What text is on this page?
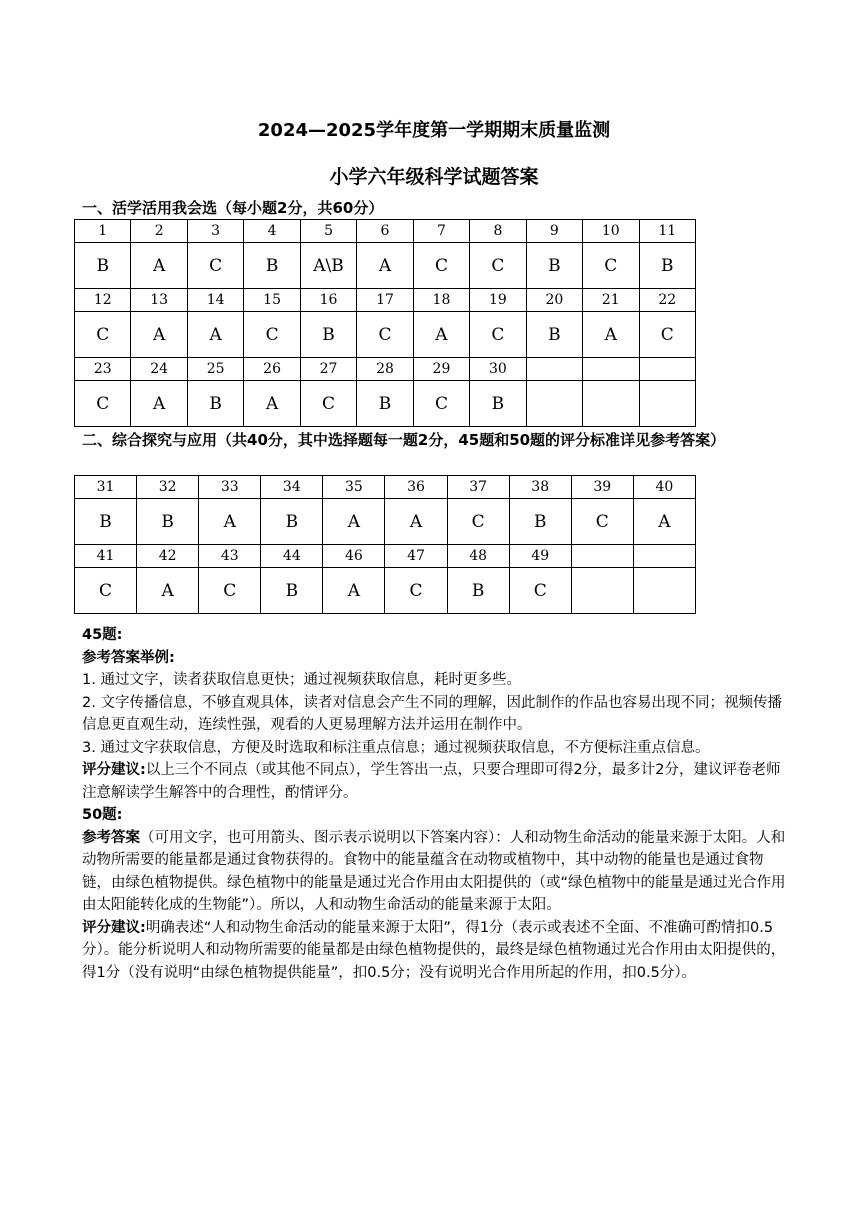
2024—2025学年度第一学期期末质量监测
小学六年级科学试题答案
一、活学活用我会选（每小题2分，共60分）
1	2	3	4	5	6	7	8	9	10	11
B	A	C	B	A\B	A	C	C	B	C	B
12	13	14	15	16	17	18	19	20	21	22
C	A	A	C	B	C	A	C	B	A	C
23	24	25	26	27	28	29	30			
C	A	B	A	C	B	C	B			
二、综合探究与应用（共40分，其中选择题每一题2分，45题和50题的评分标准详见参考答案）
31	32	33	34	35	36	37	38	39	40
B	B	A	B	A	A	C	B	C	A
41	42	43	44	46	47	48	49		
C	A	C	B	A	C	B	C		

45题:

参考答案举例:

1. 通过文字，读者获取信息更快；通过视频获取信息，耗时更多些。

2. 文字传播信息，不够直观具体，读者对信息会产生不同的理解，因此制作的作品也容易出现不同；视频传播信息更直观生动，连续性强，观看的人更易理解方法并运用在制作中。

3. 通过文字获取信息，方便及时选取和标注重点信息；通过视频获取信息，不方便标注重点信息。

评分建议:以上三个不同点（或其他不同点），学生答出一点，只要合理即可得2分，最多计2分，建议评卷老师注意解读学生解答中的合理性，酌情评分。

50题:

参考答案（可用文字，也可用箭头、图示表示说明以下答案内容）：人和动物生命活动的能量来源于太阳。人和动物所需要的能量都是通过食物获得的。食物中的能量蕴含在动物或植物中，其中动物的能量也是通过食物链，由绿色植物提供。绿色植物中的能量是通过光合作用由太阳提供的（或“绿色植物中的能量是通过光合作用由太阳能转化成的生物能”）。所以，人和动物生命活动的能量来源于太阳。

评分建议:明确表述“人和动物生命活动的能量来源于太阳”，得1分（表示或表述不全面、不准确可酌情扣0.5分）。能分析说明人和动物所需要的能量都是由绿色植物提供的，最终是绿色植物通过光合作用由太阳提供的，得1分（没有说明“由绿色植物提供能量”，扣0.5分；没有说明光合作用所起的作用，扣0.5分）。
